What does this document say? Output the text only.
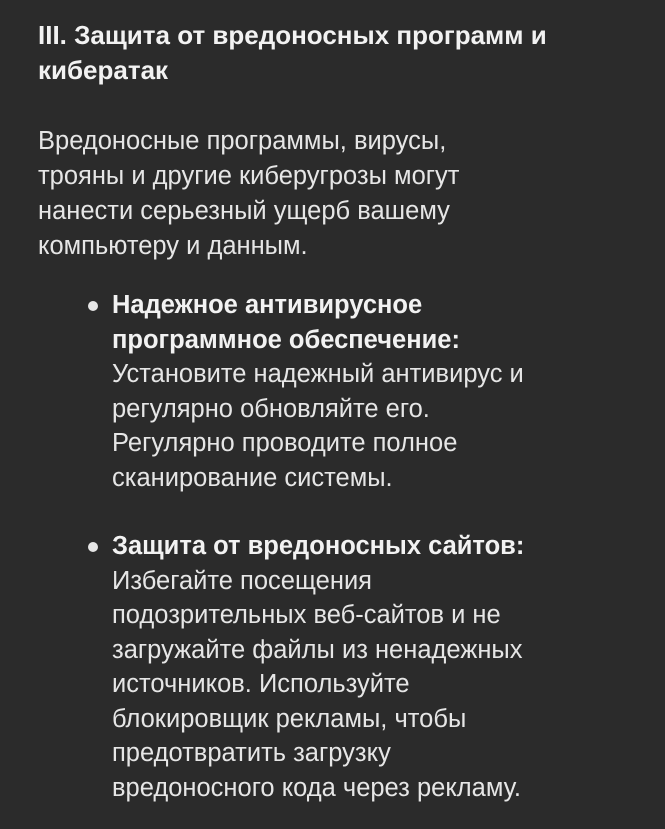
III. Защита от вредоносных программ и
кибератак

Вредоносные программы, вирусы,
трояны и другие киберугрозы могут
нанести серьезный ущерб вашему
компьютеру и данным.

Надежное антивирусное
программное обеспечение:
Установите надежный антивирус и
регулярно обновляйте его.
Регулярно проводите полное
сканирование системы.
Защита от вредоносных сайтов:
Избегайте посещения
подозрительных веб-сайтов и не
загружайте файлы из ненадежных
источников. Используйте
блокировщик рекламы, чтобы
предотвратить загрузку
вредоносного кода через рекламу.
